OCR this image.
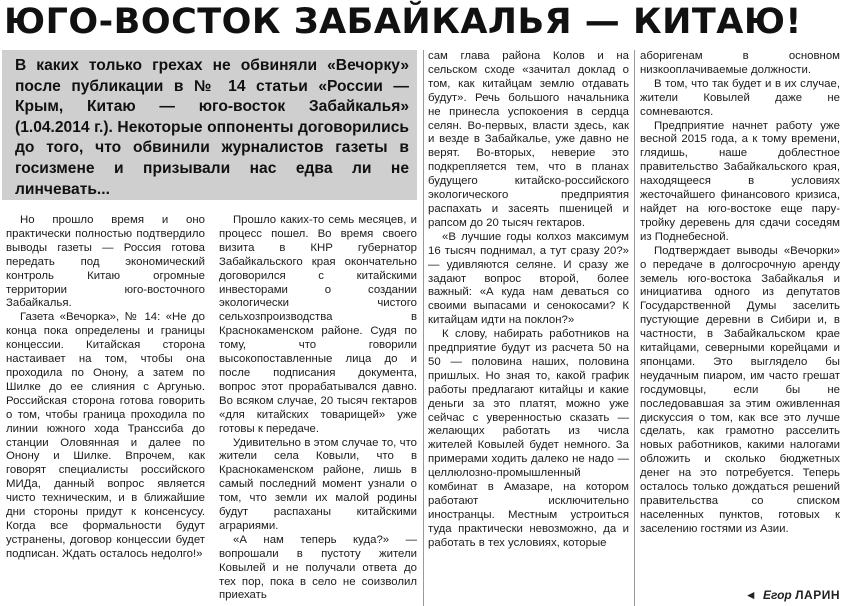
ЮГО-ВОСТОК ЗАБАЙКАЛЬЯ — КИТАЮ!
В каких только грехах не обвиняли «Вечорку» после публикации в № 14 статьи «России — Крым, Китаю — юго-восток Забайкалья» (1.04.2014 г.). Некоторые оппоненты договорились до того, что обвинили журналистов газеты в госизмене и призывали нас едва ли не линчевать...

Но прошло время и оно практически полностью подтвердило выводы газеты — Россия готова передать под экономический контроль Китаю огромные территории юго-восточного Забайкалья.

Газета «Вечорка», № 14: «Не до конца пока определены и границы концессии. Китайская сторона настаивает на том, чтобы она проходила по Онону, а затем по Шилке до ее слияния с Аргунью. Российская сторона готова говорить о том, чтобы граница проходила по линии южного хода Транссиба до станции Оловянная и далее по Онону и Шилке. Впрочем, как говорят специалисты российского МИДа, данный вопрос является чисто техническим, и в ближайшие дни стороны придут к консенсусу. Когда все формальности будут устранены, договор концессии будет подписан. Ждать осталось недолго!»

Прошло каких-то семь месяцев, и процесс пошел. Во время своего визита в КНР губернатор Забайкальского края окончательно договорился с китайскими инвесторами о создании экологически чистого сельхозпроизводства в Краснокаменском районе. Судя по тому, что говорили высокопоставленные лица до и после подписания документа, вопрос этот прорабатывался давно. Во всяком случае, 20 тысяч гектаров «для китайских товарищей» уже готовы к передаче.

Удивительно в этом случае то, что жители села Ковыли, что в Краснокаменском районе, лишь в самый последний момент узнали о том, что земли их малой родины будут распаханы китайскими аграриями.

«А нам теперь куда?» — вопрошали в пустоту жители Ковылей и не получали ответа до тех пор, пока в село не соизволил приехать

сам глава района Колов и на сельском сходе «зачитал доклад о том, как китайцам землю отдавать будут». Речь большого начальника не принесла успокоения в сердца селян. Во-первых, власти здесь, как и везде в Забайкалье, уже давно не верят. Во-вторых, неверие это подкрепляется тем, что в планах будущего китайско-российского экологического предприятия распахать и засеять пшеницей и рапсом до 20 тысяч гектаров.

«В лучшие годы колхоз максимум 16 тысяч поднимал, а тут сразу 20?» — удивляются селяне. И сразу же задают вопрос второй, более важный: «А куда нам деваться со своими выпасами и сенокосами? К китайцам идти на поклон?»

К слову, набирать работников на предприятие будут из расчета 50 на 50 — половина наших, половина пришлых. Но зная то, какой график работы предлагают китайцы и какие деньги за это платят, можно уже сейчас с уверенностью сказать — желающих работать из числа жителей Ковылей будет немного. За примерами ходить далеко не надо — целлюлозно-промышленный комбинат в Амазаре, на котором работают исключительно иностранцы. Местным устроиться туда практически невозможно, да и работать в тех условиях, которые

аборигенам в основном низкооплачиваемые должности.

В том, что так будет и в их случае, жители Ковылей даже не сомневаются.

Предприятие начнет работу уже весной 2015 года, а к тому времени, глядишь, наше доблестное правительство Забайкальского края, находящееся в условиях жесточайшего финансового кризиса, найдет на юго-востоке еще пару-тройку деревень для сдачи соседям из Поднебесной.

Подтверждает выводы «Вечорки» о передаче в долгосрочную аренду земель юго-востока Забайкалья и инициатива одного из депутатов Государственной Думы заселить пустующие деревни в Сибири и, в частности, в Забайкальском крае китайцами, северными корейцами и японцами. Это выглядело бы неудачным пиаром, им часто грешат госдумовцы, если бы не последовавшая за этим оживленная дискуссия о том, как все это лучше сделать, как грамотно расселить новых работников, какими налогами обложить и сколько бюджетных денег на это потребуется. Теперь осталось только дождаться решений правительства со списком населенных пунктов, готовых к заселению гостями из Азии.

◄ Егор ЛАРИН
